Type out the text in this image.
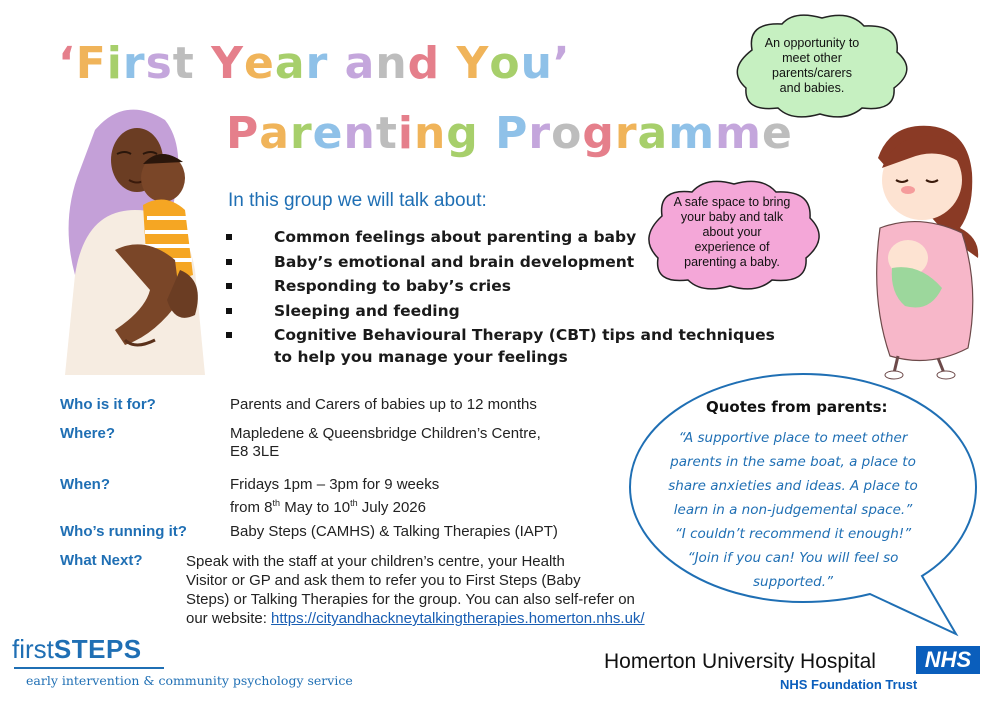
‘First Year and You’
Parenting Programme
In this group we will talk about:
Common feelings about parenting a baby
Baby’s emotional and brain development
Responding to baby’s cries
Sleeping and feeding
Cognitive Behavioural Therapy (CBT) tips and techniques
to help you manage your feelings
An opportunity to
meet other
parents/carers
and babies.
A safe space to bring
your baby and talk
about your
experience of
parenting a baby.
Quotes from parents:
“A supportive place to meet other
parents in the same boat, a place to
share anxieties and ideas. A place to
learn in a non-judgemental space.”
“I couldn’t recommend it enough!”
“Join if you can! You will feel so
supported.”
Who is it for?	Parents and Carers of babies up to 12 months
Where?	Mapledene & Queensbridge Children’s Centre,
E8 3LE
When?	Fridays 1pm – 3pm for 9 weeks
from 8th May to 10th July 2026
Who’s running it?	Baby Steps (CAMHS) & Talking Therapies (IAPT)
What Next?	Speak with the staff at your children’s centre, your Health
Visitor or GP and ask them to refer you to First Steps (Baby
Steps) or Talking Therapies for the group. You can also self-refer on
our website: https://cityandhackneytalkingtherapies.homerton.nhs.uk/
firstSTEPS
early intervention & community psychology service
Homerton University Hospital	NHS
NHS Foundation Trust
